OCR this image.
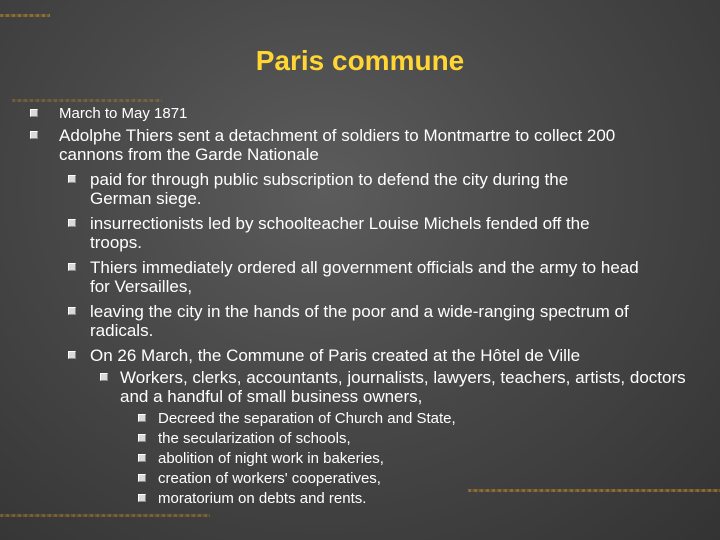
Paris commune
March to May 1871
Adolphe Thiers sent a detachment of soldiers to Montmartre to collect 200 cannons from the Garde Nationale
paid for through public subscription to defend the city during the German siege.
insurrectionists led by schoolteacher Louise Michels fended off the troops.
Thiers immediately ordered all government officials and the army to head for Versailles,
leaving the city in the hands of the poor and a wide-ranging spectrum of radicals.
On 26 March, the Commune of Paris created at the Hôtel de Ville
Workers, clerks, accountants, journalists, lawyers, teachers, artists, doctors and a handful of small business owners,
Decreed the separation of Church and State,
the secularization of schools,
abolition of night work in bakeries,
creation of workers' cooperatives,
moratorium on debts and rents.
